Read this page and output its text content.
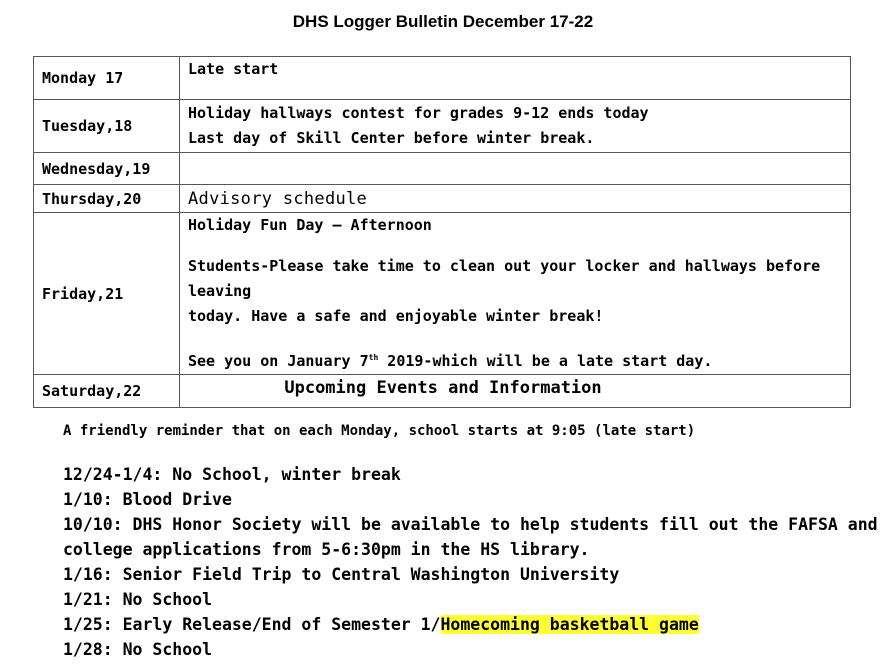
DHS Logger Bulletin December 17-22
Monday 17	Late start

Tuesday,18	Holiday hallways contest for grades 9-12 ends today
Last day of Skill Center before winter break.

Wednesday,19	
Thursday,20	Advisory schedule
Friday,21	Holiday Fun Day – Afternoon
Students-Please take time to clean out your locker and hallways before leaving
today. Have a safe and enjoyable winter break!
See you on January 7th 2019-which will be a late start day.

Saturday,22		Upcoming Events and Information
A friendly reminder that on each Monday, school starts at 9:05 (late start)
12/24-1/4: No School, winter break
1/10: Blood Drive
10/10: DHS Honor Society will be available to help students fill out the FAFSA and
college applications from 5-6:30pm in the HS library.
1/16: Senior Field Trip to Central Washington University
1/21: No School
1/25: Early Release/End of Semester 1/Homecoming basketball game
1/28: No School
